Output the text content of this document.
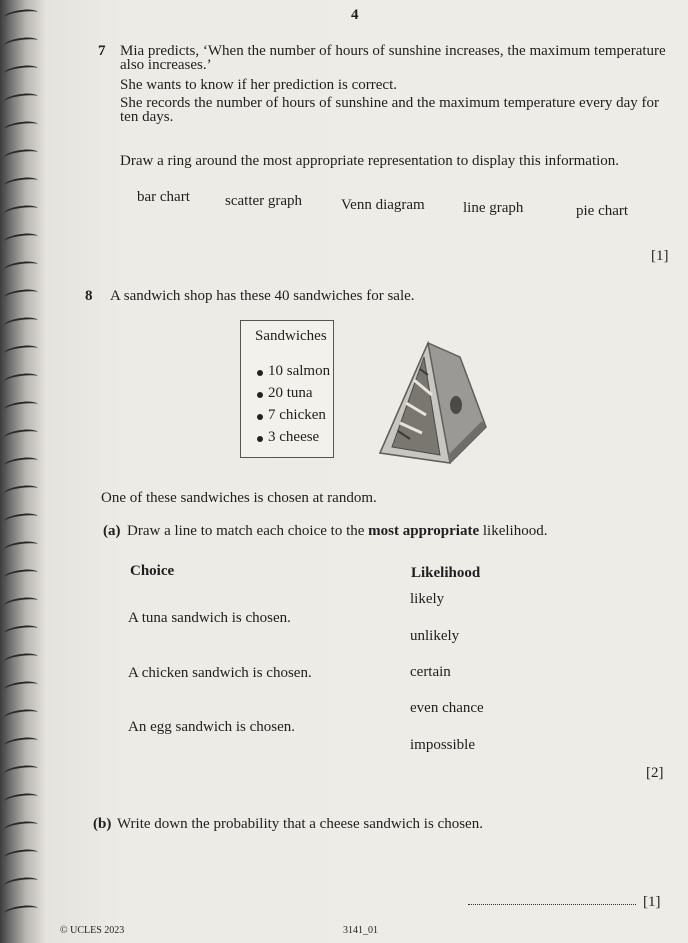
4
7 Mia predicts, ‘When the number of hours of sunshine increases, the maximum temperature
also increases.’
She wants to know if her prediction is correct.
She records the number of hours of sunshine and the maximum temperature every day for
ten days.
Draw a ring around the most appropriate representation to display this information.
bar chart scatter graph	Venn diagram	line graph	pie chart
[1]
8 A sandwich shop has these 40 sandwiches for sale.
Sandwiches
10 salmon
20 tuna
7 chicken
3 cheese
One of these sandwiches is chosen at random.
(a) Draw a line to match each choice to the most appropriate likelihood.
Choice	Likelihood
A tuna sandwich is chosen.
A chicken sandwich is chosen.
An egg sandwich is chosen.
likely
unlikely
certain
even chance
impossible
[2]
(b) Write down the probability that a cheese sandwich is chosen.
[1]
© UCLES 2023	3141_01
